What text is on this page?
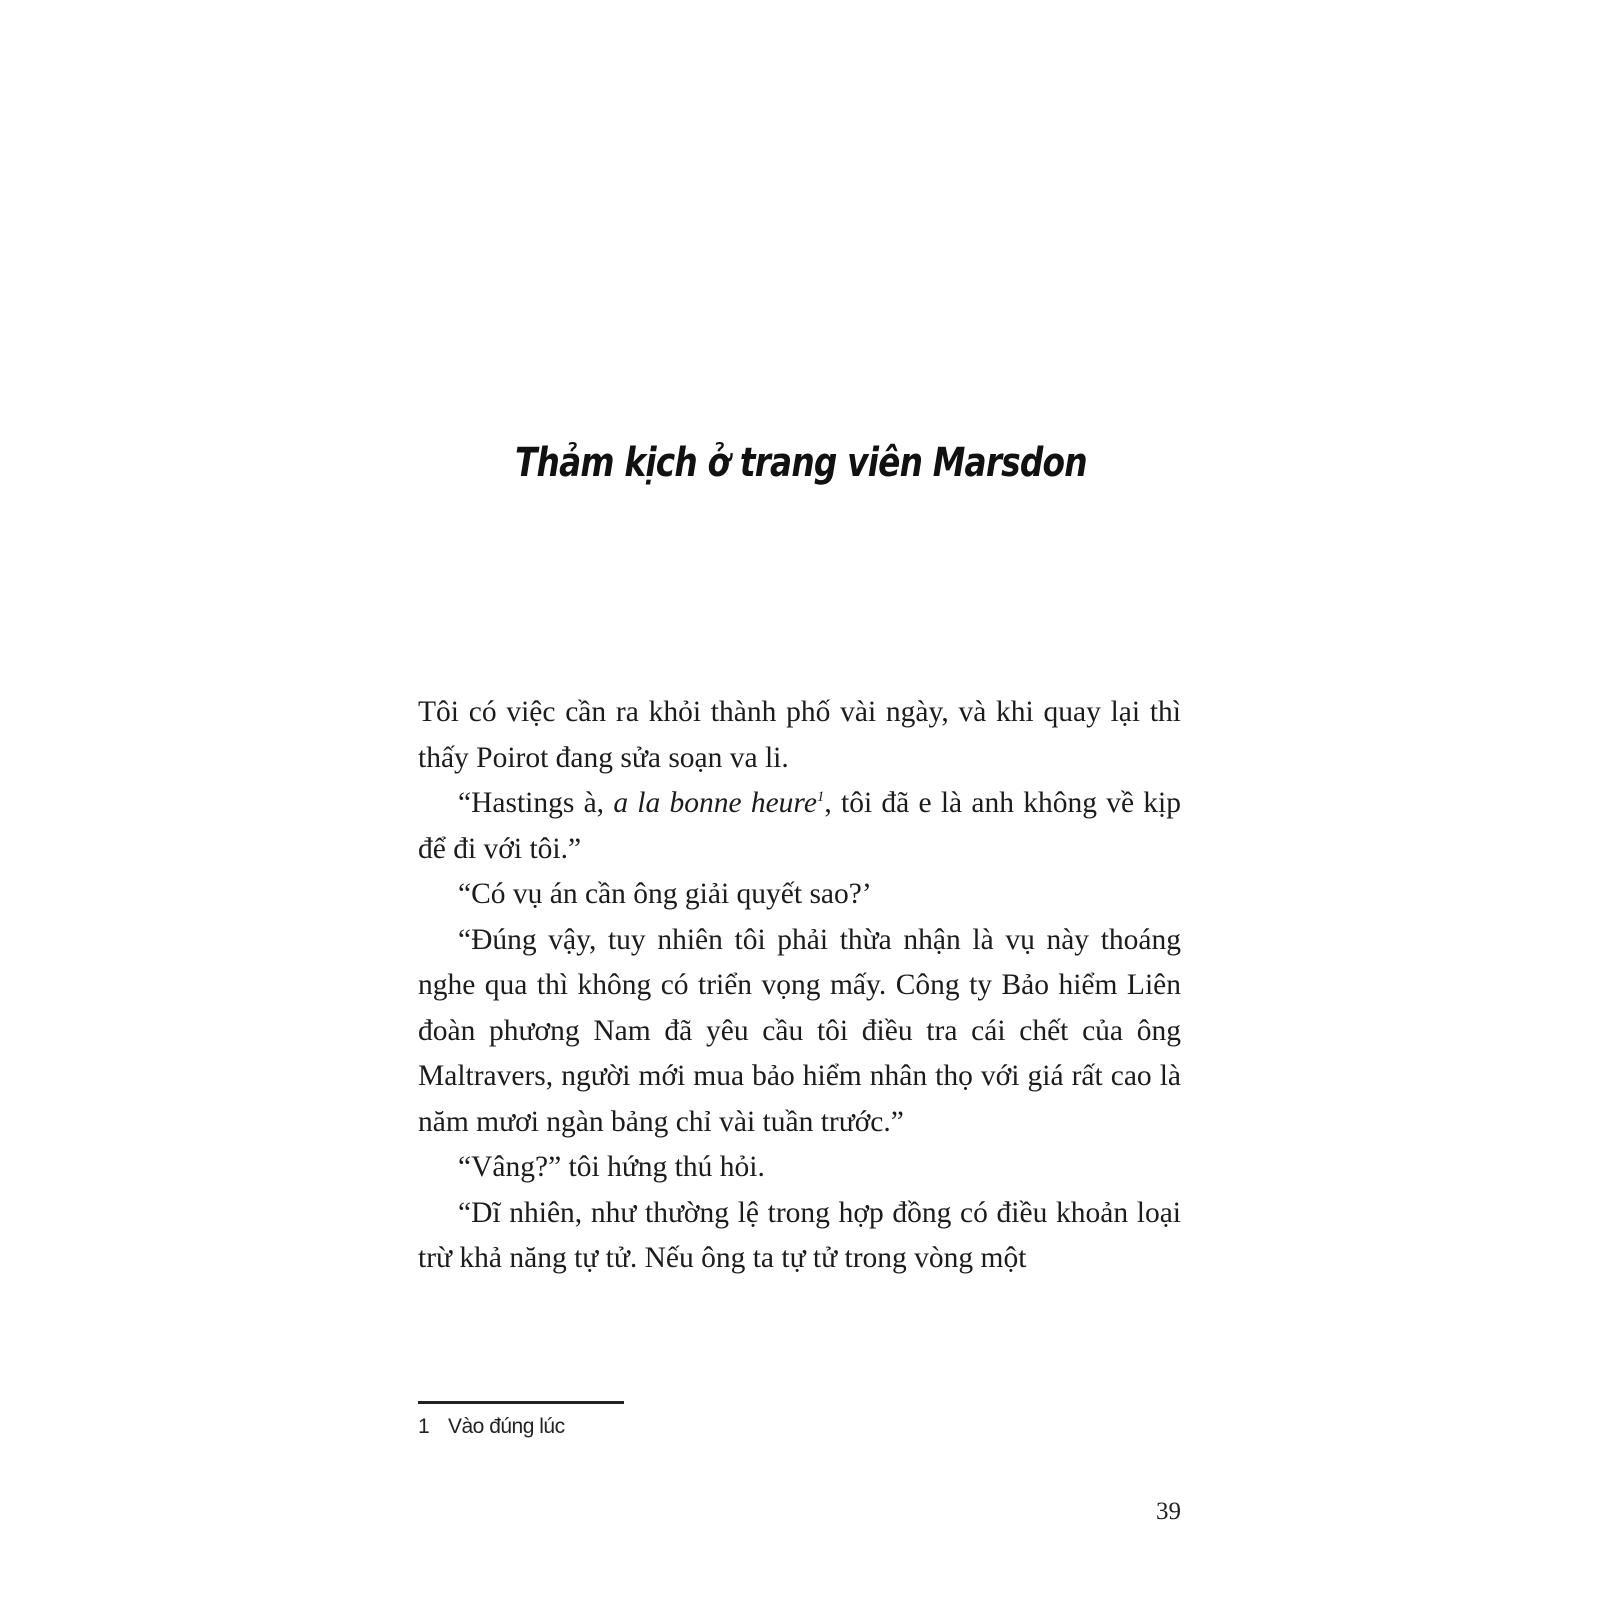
Thảm kịch ở trang viên Marsdon

Tôi có việc cần ra khỏi thành phố vài ngày, và khi quay lại thì thấy Poirot đang sửa soạn va li.

“Hastings à, a la bonne heure$^1$, tôi đã e là anh không về kịp để đi với tôi.”

“Có vụ án cần ông giải quyết sao?’

“Đúng vậy, tuy nhiên tôi phải thừa nhận là vụ này thoáng nghe qua thì không có triển vọng mấy. Công ty Bảo hiểm Liên đoàn phương Nam đã yêu cầu tôi điều tra cái chết của ông Maltravers, người mới mua bảo hiểm nhân thọ với giá rất cao là năm mươi ngàn bảng chỉ vài tuần trước.”

“Vâng?” tôi hứng thú hỏi.

“Dĩ nhiên, như thường lệ trong hợp đồng có điều khoản loại trừ khả năng tự tử. Nếu ông ta tự tử trong vòng một

1 Vào đúng lúc
39
